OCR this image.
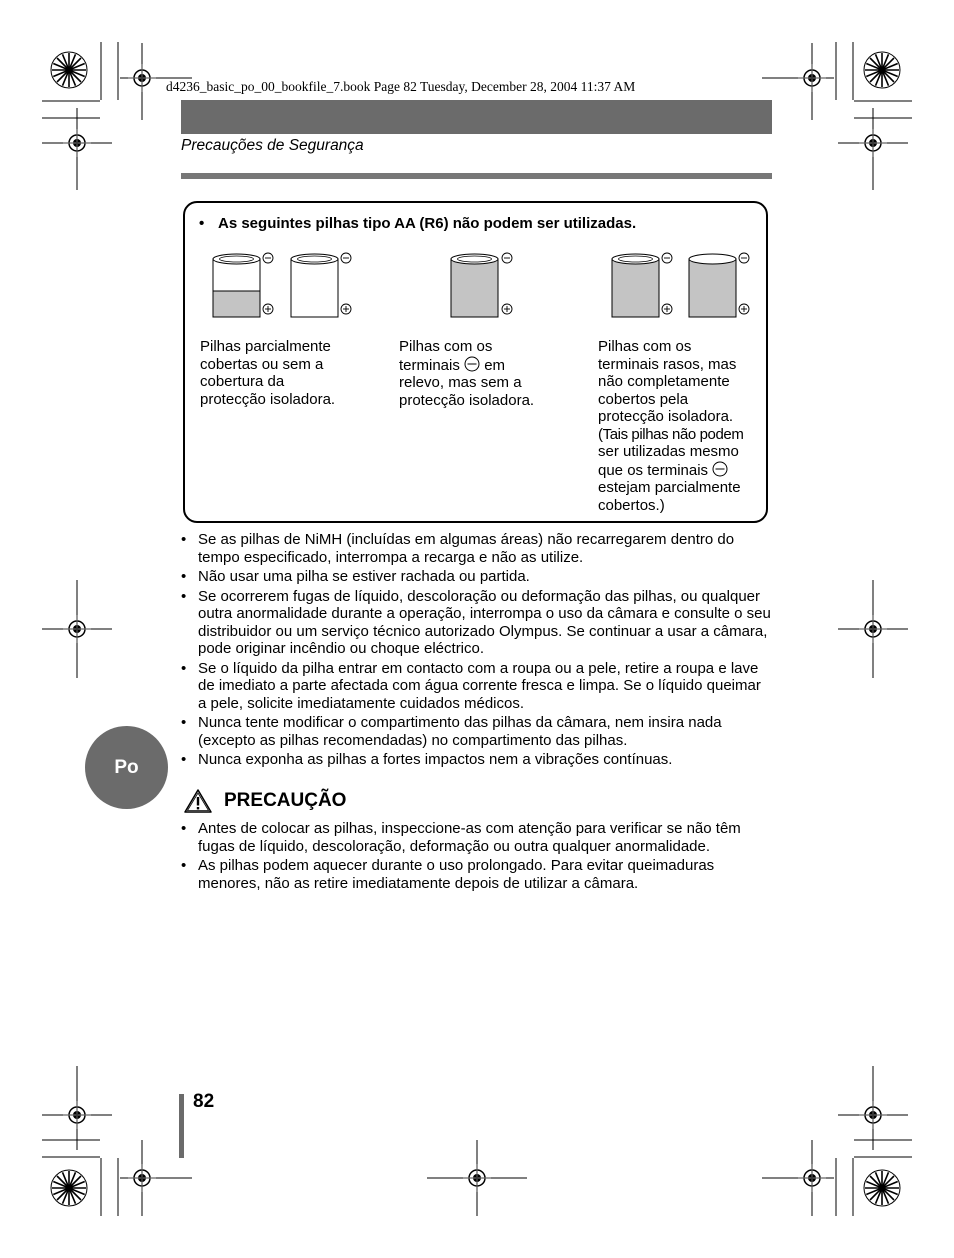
d4236_basic_po_00_bookfile_7.book Page 82 Tuesday, December 28, 2004 11:37 AM
Precauções de Segurança
• As seguintes pilhas tipo AA (R6) não podem ser utilizadas.
Pilhas parcialmente
cobertas ou sem a
cobertura da
protecção isoladora.
Pilhas com os
terminais em
relevo, mas sem a
protecção isoladora.
Pilhas com os
terminais rasos, mas
não completamente
cobertos pela
protecção isoladora.
(Tais pilhas não podem
ser utilizadas mesmo
que os terminais
estejam parcialmente
cobertos.)
• Se as pilhas de NiMH (incluídas em algumas áreas) não recarregarem dentro do tempo especificado, interrompa a recarga e não as utilize.
• Não usar uma pilha se estiver rachada ou partida.
• Se ocorrerem fugas de líquido, descoloração ou deformação das pilhas, ou qualquer outra anormalidade durante a operação, interrompa o uso da câmara e consulte o seu distribuidor ou um serviço técnico autorizado Olympus. Se continuar a usar a câmara, pode originar incêndio ou choque eléctrico.
• Se o líquido da pilha entrar em contacto com a roupa ou a pele, retire a roupa e lave de imediato a parte afectada com água corrente fresca e limpa. Se o líquido queimar a pele, solicite imediatamente cuidados médicos.
• Nunca tente modificar o compartimento das pilhas da câmara, nem insira nada (excepto as pilhas recomendadas) no compartimento das pilhas.
• Nunca exponha as pilhas a fortes impactos nem a vibrações contínuas.
Po
PRECAUÇÃO
• Antes de colocar as pilhas, inspeccione-as com atenção para verificar se não têm fugas de líquido, descoloração, deformação ou outra qualquer anormalidade.
• As pilhas podem aquecer durante o uso prolongado. Para evitar queimaduras menores, não as retire imediatamente depois de utilizar a câmara.
82
